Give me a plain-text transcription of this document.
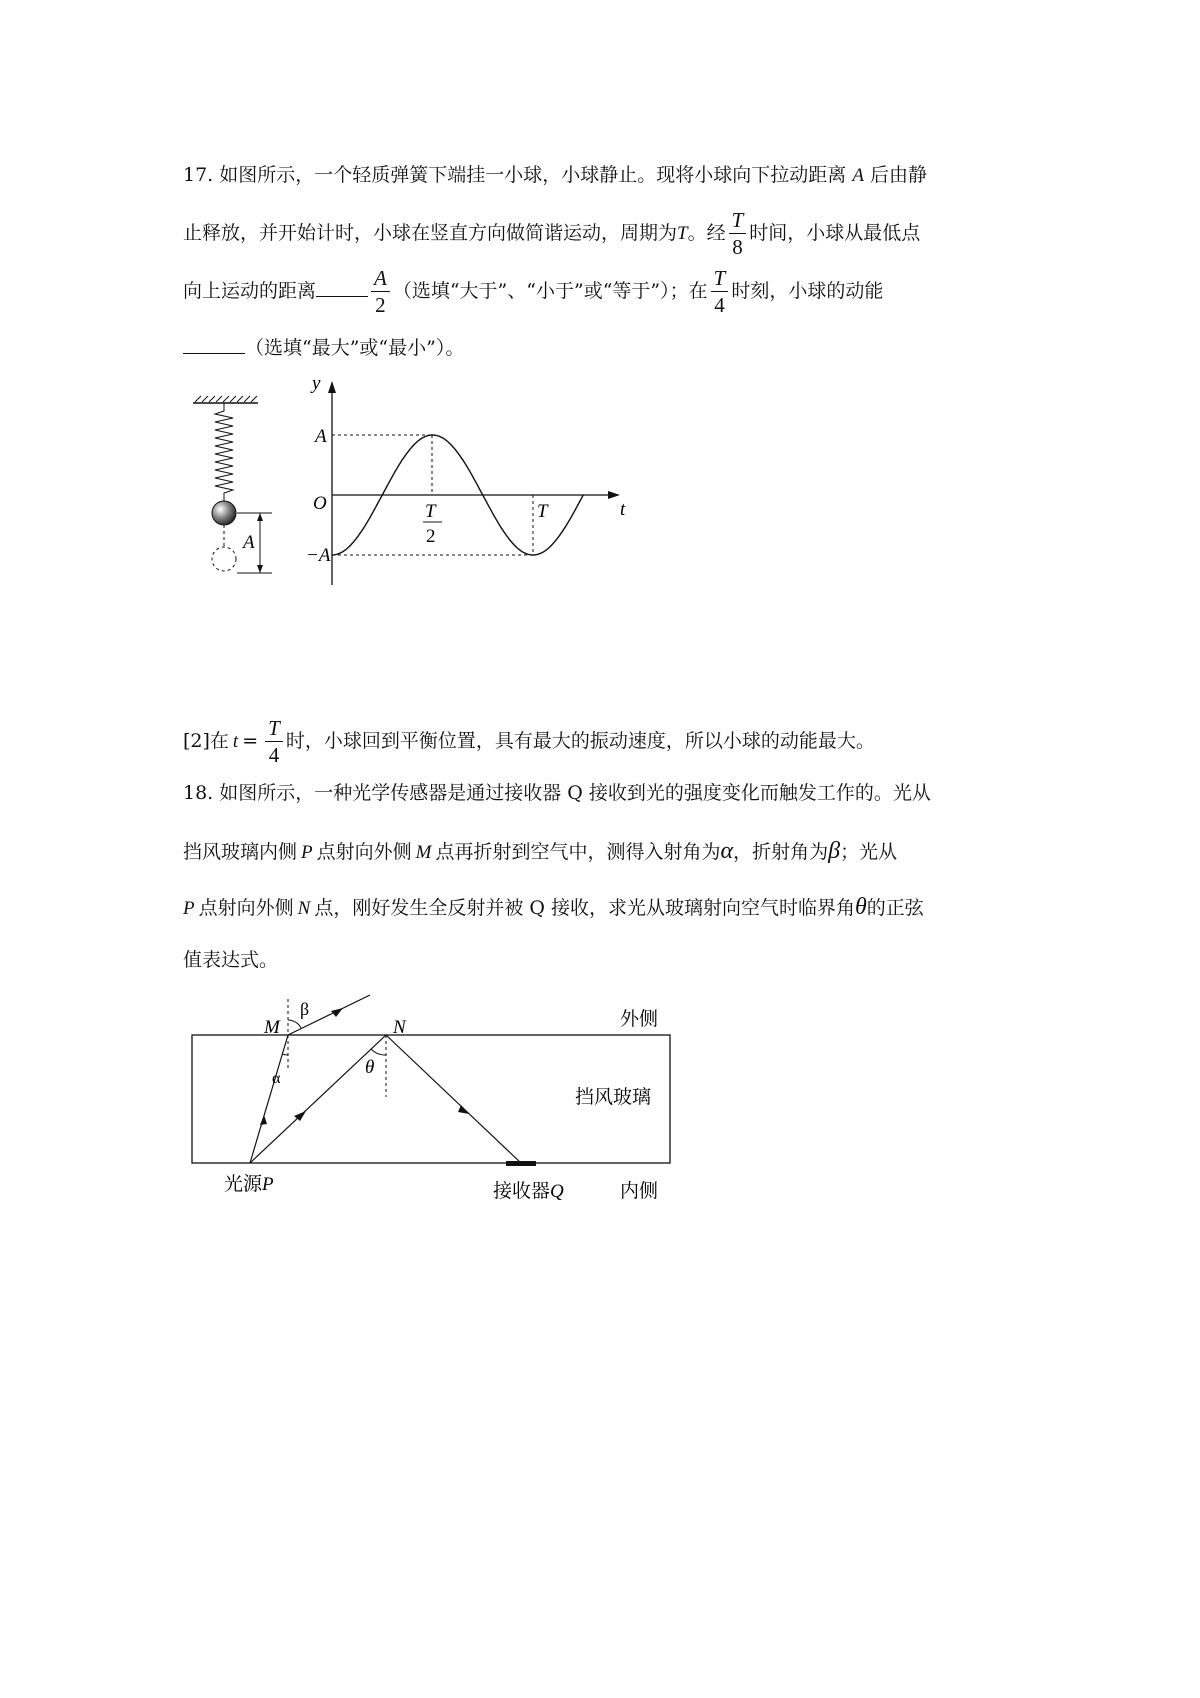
17. 如图所示，一个轻质弹簧下端挂一小球，小球静止。现将小球向下拉动距离 A 后由静
止释放，并开始计时，小球在竖直方向做简谐运动，周期为T。经 $\frac{T}{8}$ 时间，小球从最低点
向上运动的距离	$\frac{A}{2}$ （选填“大于”、“小于”或“等于”）；在 $\frac{T}{4}$ 时刻，小球的动能
（选填“最大”或“最小”）。
A
y
t
O
A
−A
T
2
T
[2]在 $t = \frac{T}{4}$ 时，小球回到平衡位置，具有最大的振动速度，所以小球的动能最大。
18. 如图所示，一种光学传感器是通过接收器 Q 接收到光的强度变化而触发工作的。光从
挡风玻璃内侧 P 点射向外侧 M 点再折射到空气中，测得入射角为α，折射角为β；光从
P 点射向外侧 N 点，刚好发生全反射并被 Q 接收，求光从玻璃射向空气时临界角θ的正弦
值表达式。
M	N
β
α
θ
外侧
挡风玻璃
光源P	接收器Q	内侧
